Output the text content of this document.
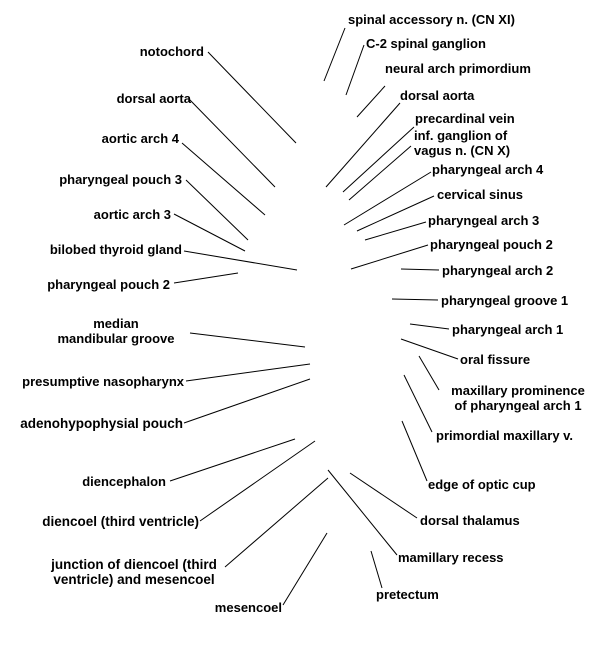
notochord
dorsal aorta
aortic arch 4
pharyngeal pouch 3
aortic arch 3
bilobed thyroid gland
pharyngeal pouch 2
median
mandibular groove
presumptive nasopharynx
adenohypophysial pouch
diencephalon
diencoel (third ventricle)
junction of diencoel (third
ventricle) and mesencoel
mesencoel
spinal accessory n. (CN XI)
C-2 spinal ganglion
neural arch primordium
dorsal aorta
precardinal vein
inf. ganglion of
vagus n. (CN X)
pharyngeal arch 4
cervical sinus
pharyngeal arch 3
pharyngeal pouch 2
pharyngeal arch 2
pharyngeal groove 1
pharyngeal arch 1
oral fissure
maxillary prominence
of pharyngeal arch 1
primordial maxillary v.
edge of optic cup
dorsal thalamus
mamillary recess
pretectum
